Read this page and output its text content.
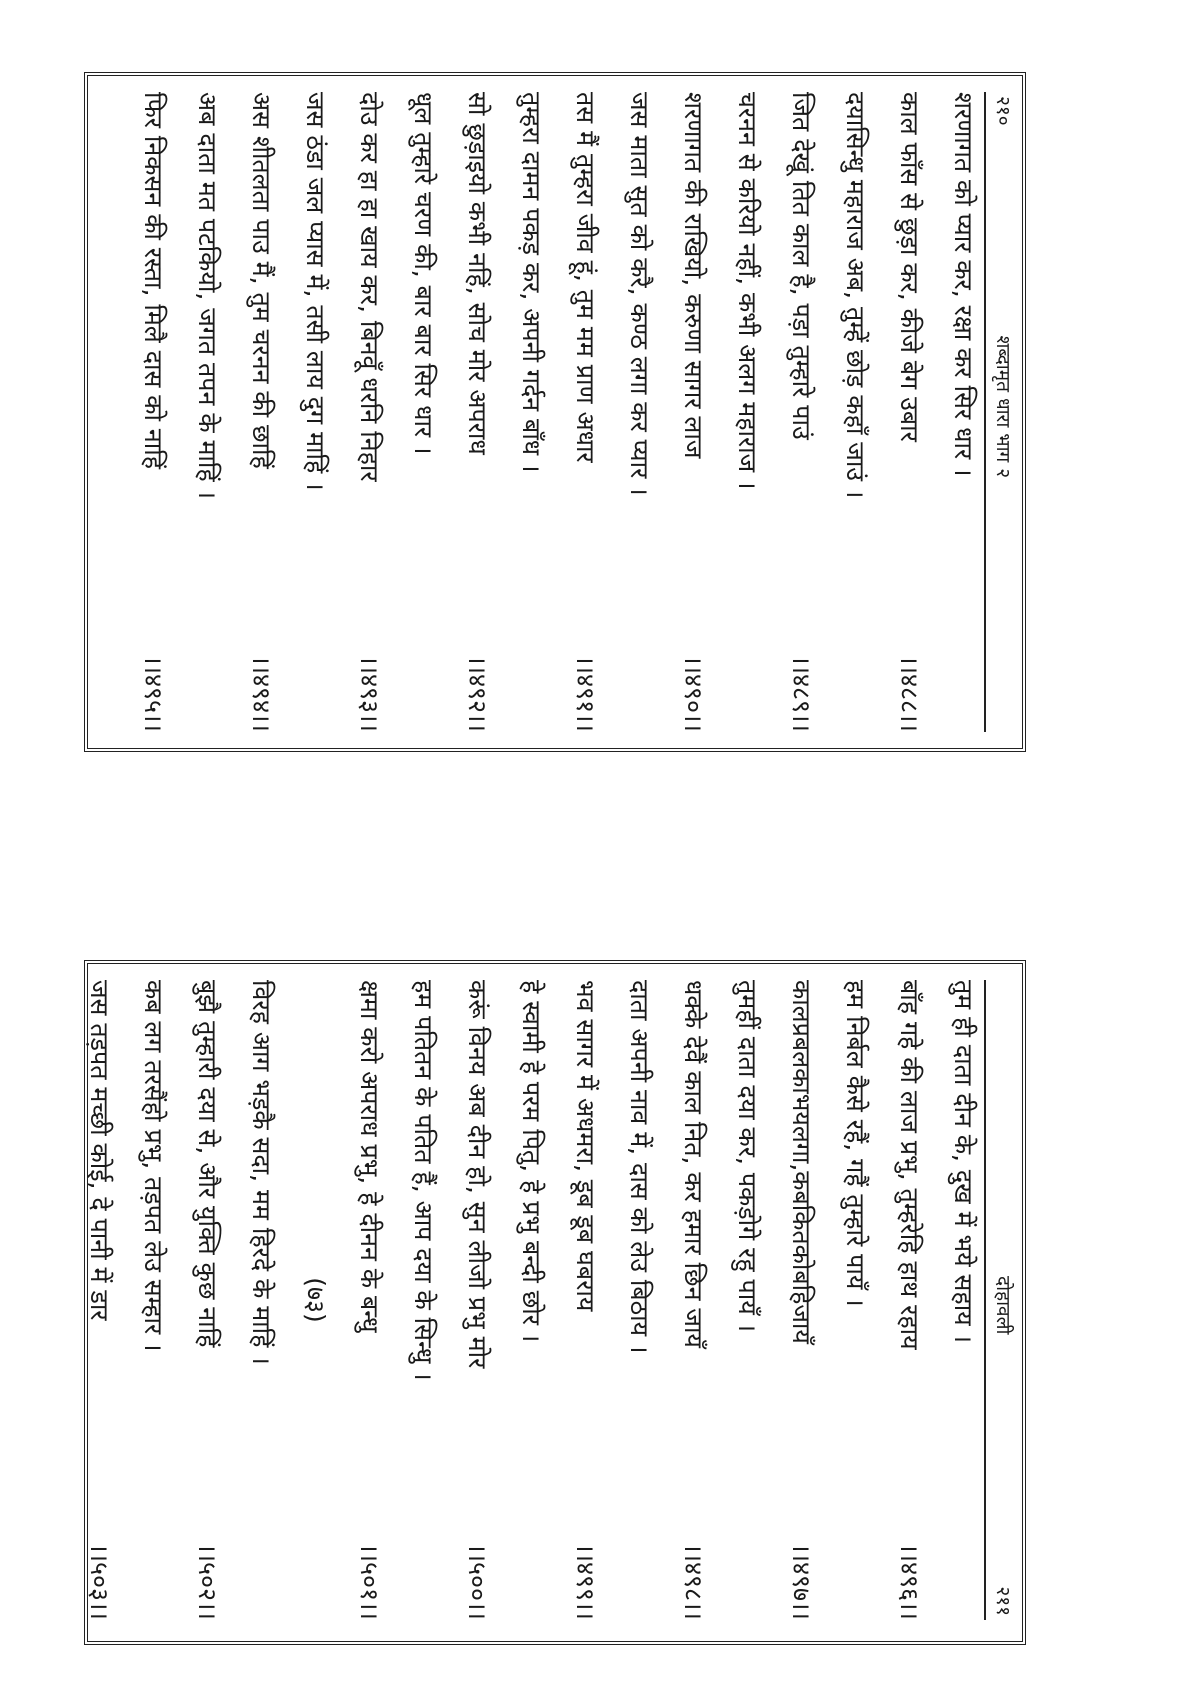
२१०
शब्दामृत धारा भाग २
शरणागत को प्यार कर, रक्षा कर सिर धार ।
काल फाँस से छुड़ा कर, कीजे बेग उबार
।।४८८।।
दयासिन्धु महाराज अब, तुम्हें छोड़ कहाँ जाउं ।
जित देखूं तित काल है, पड़ा तुम्हारे पाउं
।।४८९।।
चरनन से करियो नहीं, कभी अलग महाराज ।
शरणागत की राखियो, करुणा सागर लाज
।।४९०।।
जस माता सुत को करै, कण्ठ लगा कर प्यार ।
तस मैं तुम्हरा जीव हूं, तुम मम प्राण अधार
।।४९१।।
तुम्हरा दामन पकड़ कर, अपनी गर्दन बाँध ।
सो छुड़ाइयो कभी नहिं, सोच मोर अपराध
।।४९२।।
धूल तुम्हारे चरण की, बार बार सिर धार ।
दोउ कर हा हा खाय कर, बिनवूँ धरनि निहार
।।४९३।।
जस ठंडा जल प्यास में, तसी लाय दुग माहिं ।
अस शीतलता पाउ मैं, तुम चरनन की छाहिं
।।४९४।।
अब दाता मत पटकियो, जगत तपन के माहिं ।
फिर निकसन की रस्ता, मिलै दास को नाहिं
।।४९५।।
दोहावली
२११
तुम ही दाता दीन के, दुख में भये सहाय ।
बाँह गहे की लाज प्रभु, तुम्हरेहि हाथ रहाय
।।४९६।।
हम निर्बल कैसे रहैं, गहैं तुम्हारे पायँ ।
कालप्रबलकाभयलगा,कबकितकोबहिजायँ
।।४९७।।
तुमहीं दाता दया कर, पकड़ोगे रहु पायँ ।
धक्के देवैं काल नित, कर हमार छिन जायँ
।।४९८।।
दाता अपनी नाव में, दास को लेउ बिठाय ।
भव सागर में अधमरा, डूब डूब घबराय
।।४९९।।
हे स्वामी हे परम पितु, हे प्रभु बन्दी छोर ।
करूं विनय अब दीन हो, सुन लीजो प्रभु मोर
।।५००।।
हम पतितन के पतित हैं, आप दया के सिन्धु ।
क्षमा करो अपराध प्रभु, हे दीनन के बन्धु
।।५०१।।
(७३)
विरह आग भड़कै सदा, मम हिरदे के माहिं ।
बुझै तुम्हारी दया से, और युक्ति कुछ नाहिं
।।५०२।।
कब लग तरसैंहो प्रभु, तड़पत लेउ सम्हार ।
जस तड़पत मच्छी कोई, दे पानी में डार
।।५०३।।
